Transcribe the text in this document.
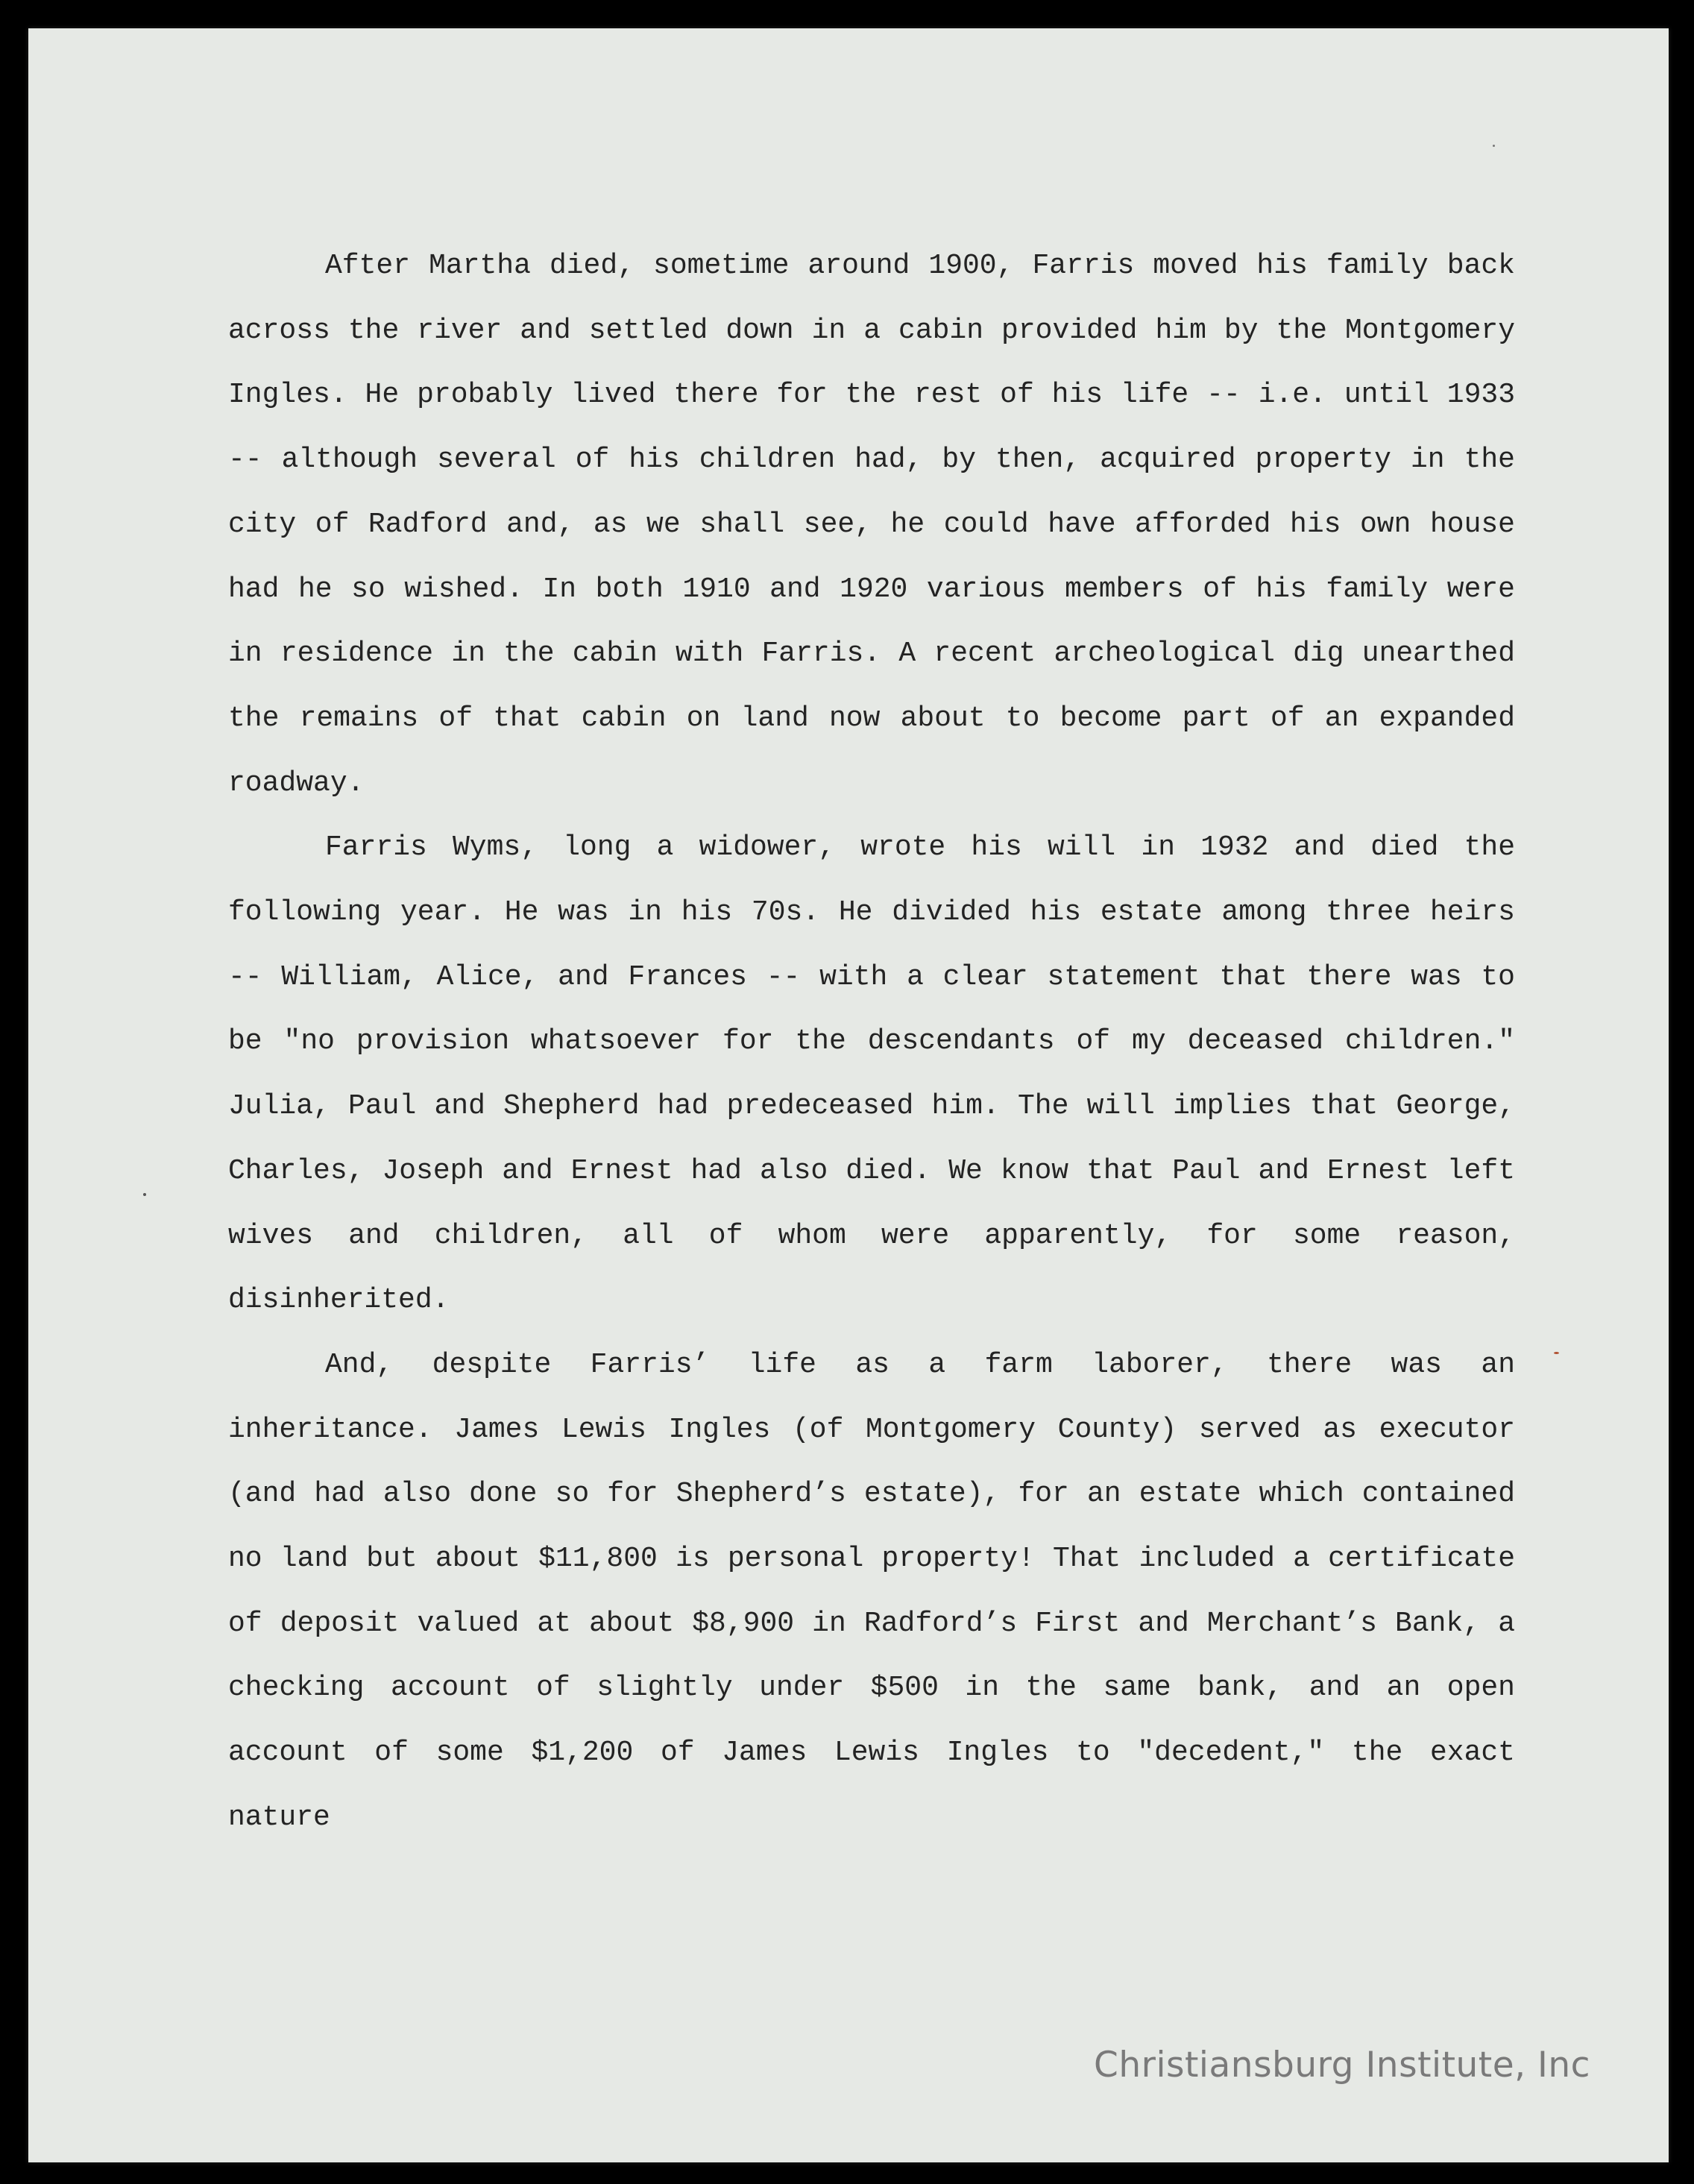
After Martha died, sometime around 1900, Farris moved his family back across the river and settled down in a cabin provided him by the Montgomery Ingles. He probably lived there for the rest of his life -- i.e. until 1933 -- although several of his children had, by then, acquired property in the city of Radford and, as we shall see, he could have afforded his own house had he so wished. In both 1910 and 1920 various members of his family were in residence in the cabin with Farris. A recent archeological dig unearthed the remains of that cabin on land now about to become part of an expanded roadway.

Farris Wyms, long a widower, wrote his will in 1932 and died the following year. He was in his 70s. He divided his estate among three heirs -- William, Alice, and Frances -- with a clear statement that there was to be "no provision whatsoever for the descendants of my deceased children." Julia, Paul and Shepherd had predeceased him. The will implies that George, Charles, Joseph and Ernest had also died. We know that Paul and Ernest left wives and children, all of whom were apparently, for some reason, disinherited.

And, despite Farris’ life as a farm laborer, there was an inheritance. James Lewis Ingles (of Montgomery County) served as executor (and had also done so for Shepherd’s estate), for an estate which contained no land but about $11,800 is personal property! That included a certificate of deposit valued at about $8,900 in Radford’s First and Merchant’s Bank, a checking account of slightly under $500 in the same bank, and an open account of some $1,200 of James Lewis Ingles to "decedent," the exact nature

Christiansburg Institute, Inc
